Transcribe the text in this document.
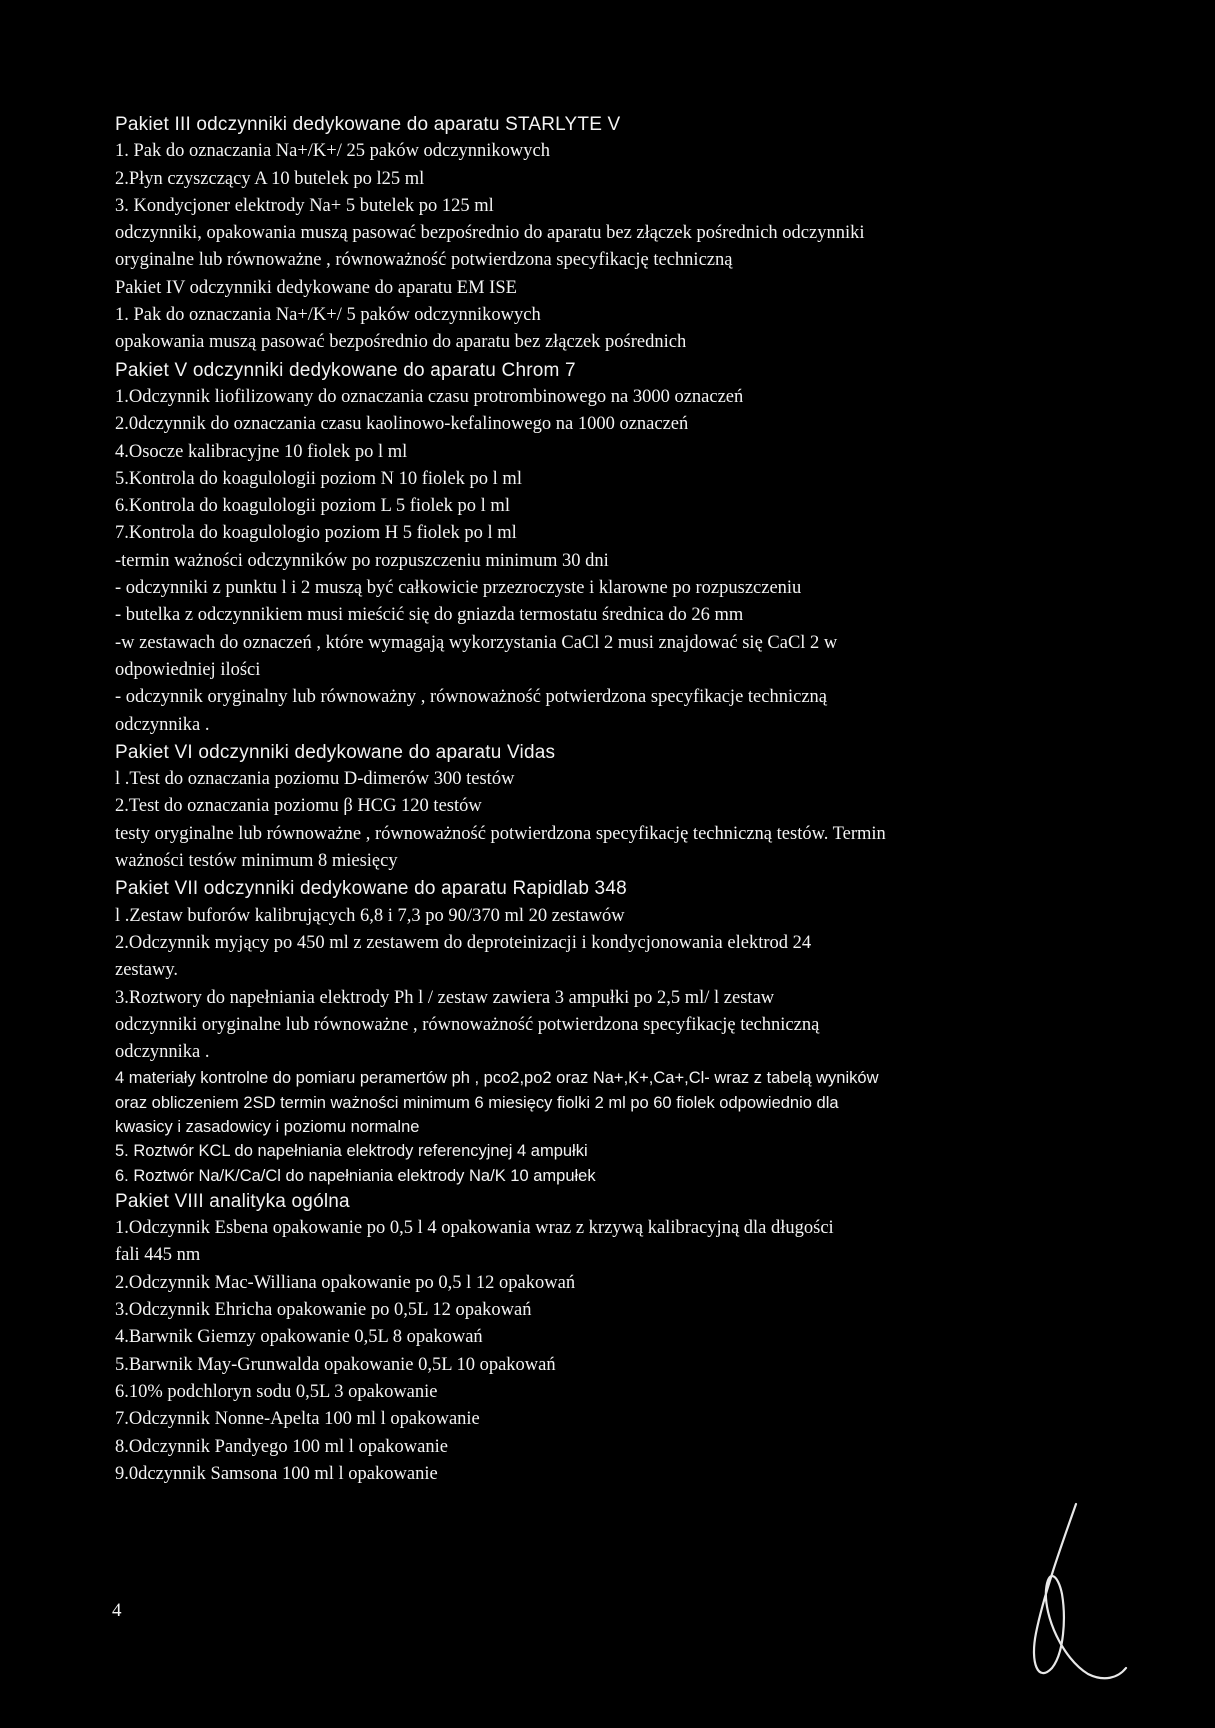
Pakiet III odczynniki dedykowane do aparatu STARLYTE V
1. Pak do oznaczania Na+/K+/ 25 paków odczynnikowych
2.Płyn czyszczący A 10 butelek po l25 ml
3. Kondycjoner elektrody Na+ 5 butelek po 125 ml
odczynniki, opakowania muszą pasować bezpośrednio do aparatu bez złączek pośrednich odczynniki
oryginalne lub równoważne , równoważność potwierdzona specyfikację techniczną
Pakiet IV odczynniki dedykowane do aparatu EM ISE
1. Pak do oznaczania Na+/K+/ 5 paków odczynnikowych
opakowania muszą pasować bezpośrednio do aparatu bez złączek pośrednich
Pakiet V odczynniki dedykowane do aparatu Chrom 7
1.Odczynnik liofilizowany do oznaczania czasu protrombinowego na 3000 oznaczeń
2.0dczynnik do oznaczania czasu kaolinowo-kefalinowego na 1000 oznaczeń
4.Osocze kalibracyjne 10 fiolek po l ml
5.Kontrola do koagulologii poziom N 10 fiolek po l ml
6.Kontrola do koagulologii poziom L 5 fiolek po l ml
7.Kontrola do koagulologio poziom H 5 fiolek po l ml
-termin ważności odczynników po rozpuszczeniu minimum 30 dni
- odczynniki z punktu l i 2 muszą być całkowicie przezroczyste i klarowne po rozpuszczeniu
- butelka z odczynnikiem musi mieścić się do gniazda termostatu średnica do 26 mm
-w zestawach do oznaczeń , które wymagają wykorzystania CaCl 2 musi znajdować się CaCl 2 w
odpowiedniej ilości
- odczynnik oryginalny lub równoważny , równoważność potwierdzona specyfikacje techniczną
odczynnika .
Pakiet VI odczynniki dedykowane do aparatu Vidas
l .Test do oznaczania poziomu D-dimerów 300 testów
2.Test do oznaczania poziomu β HCG 120 testów
testy oryginalne lub równoważne , równoważność potwierdzona specyfikację techniczną testów. Termin
ważności testów minimum 8 miesięcy
Pakiet VII odczynniki dedykowane do aparatu Rapidlab 348
l .Zestaw buforów kalibrujących 6,8 i 7,3 po 90/370 ml 20 zestawów
2.Odczynnik myjący po 450 ml z zestawem do deproteinizacji i kondycjonowania elektrod 24
zestawy.
3.Roztwory do napełniania elektrody Ph l / zestaw zawiera 3 ampułki po 2,5 ml/ l zestaw
odczynniki oryginalne lub równoważne , równoważność potwierdzona specyfikację techniczną
odczynnika .
4 materiały kontrolne do pomiaru peramertów ph , pco2,po2 oraz Na+,K+,Ca+,Cl- wraz z tabelą wyników
oraz obliczeniem 2SD termin ważności minimum 6 miesięcy fiolki 2 ml po 60 fiolek odpowiednio dla
kwasicy i zasadowicy i poziomu normalne
5. Roztwór KCL do napełniania elektrody referencyjnej 4 ampułki
6. Roztwór Na/K/Ca/Cl do napełniania elektrody Na/K 10 ampułek
Pakiet VIII analityka ogólna
1.Odczynnik Esbena opakowanie po 0,5 l 4 opakowania wraz z krzywą kalibracyjną dla długości
fali 445 nm
2.Odczynnik Mac-Williana opakowanie po 0,5 l 12 opakowań
3.Odczynnik Ehricha opakowanie po 0,5L 12 opakowań
4.Barwnik Giemzy opakowanie 0,5L 8 opakowań
5.Barwnik May-Grunwalda opakowanie 0,5L 10 opakowań
6.10% podchloryn sodu 0,5L 3 opakowanie
7.Odczynnik Nonne-Apelta 100 ml l opakowanie
8.Odczynnik Pandyego 100 ml l opakowanie
9.0dczynnik Samsona 100 ml l opakowanie
4
